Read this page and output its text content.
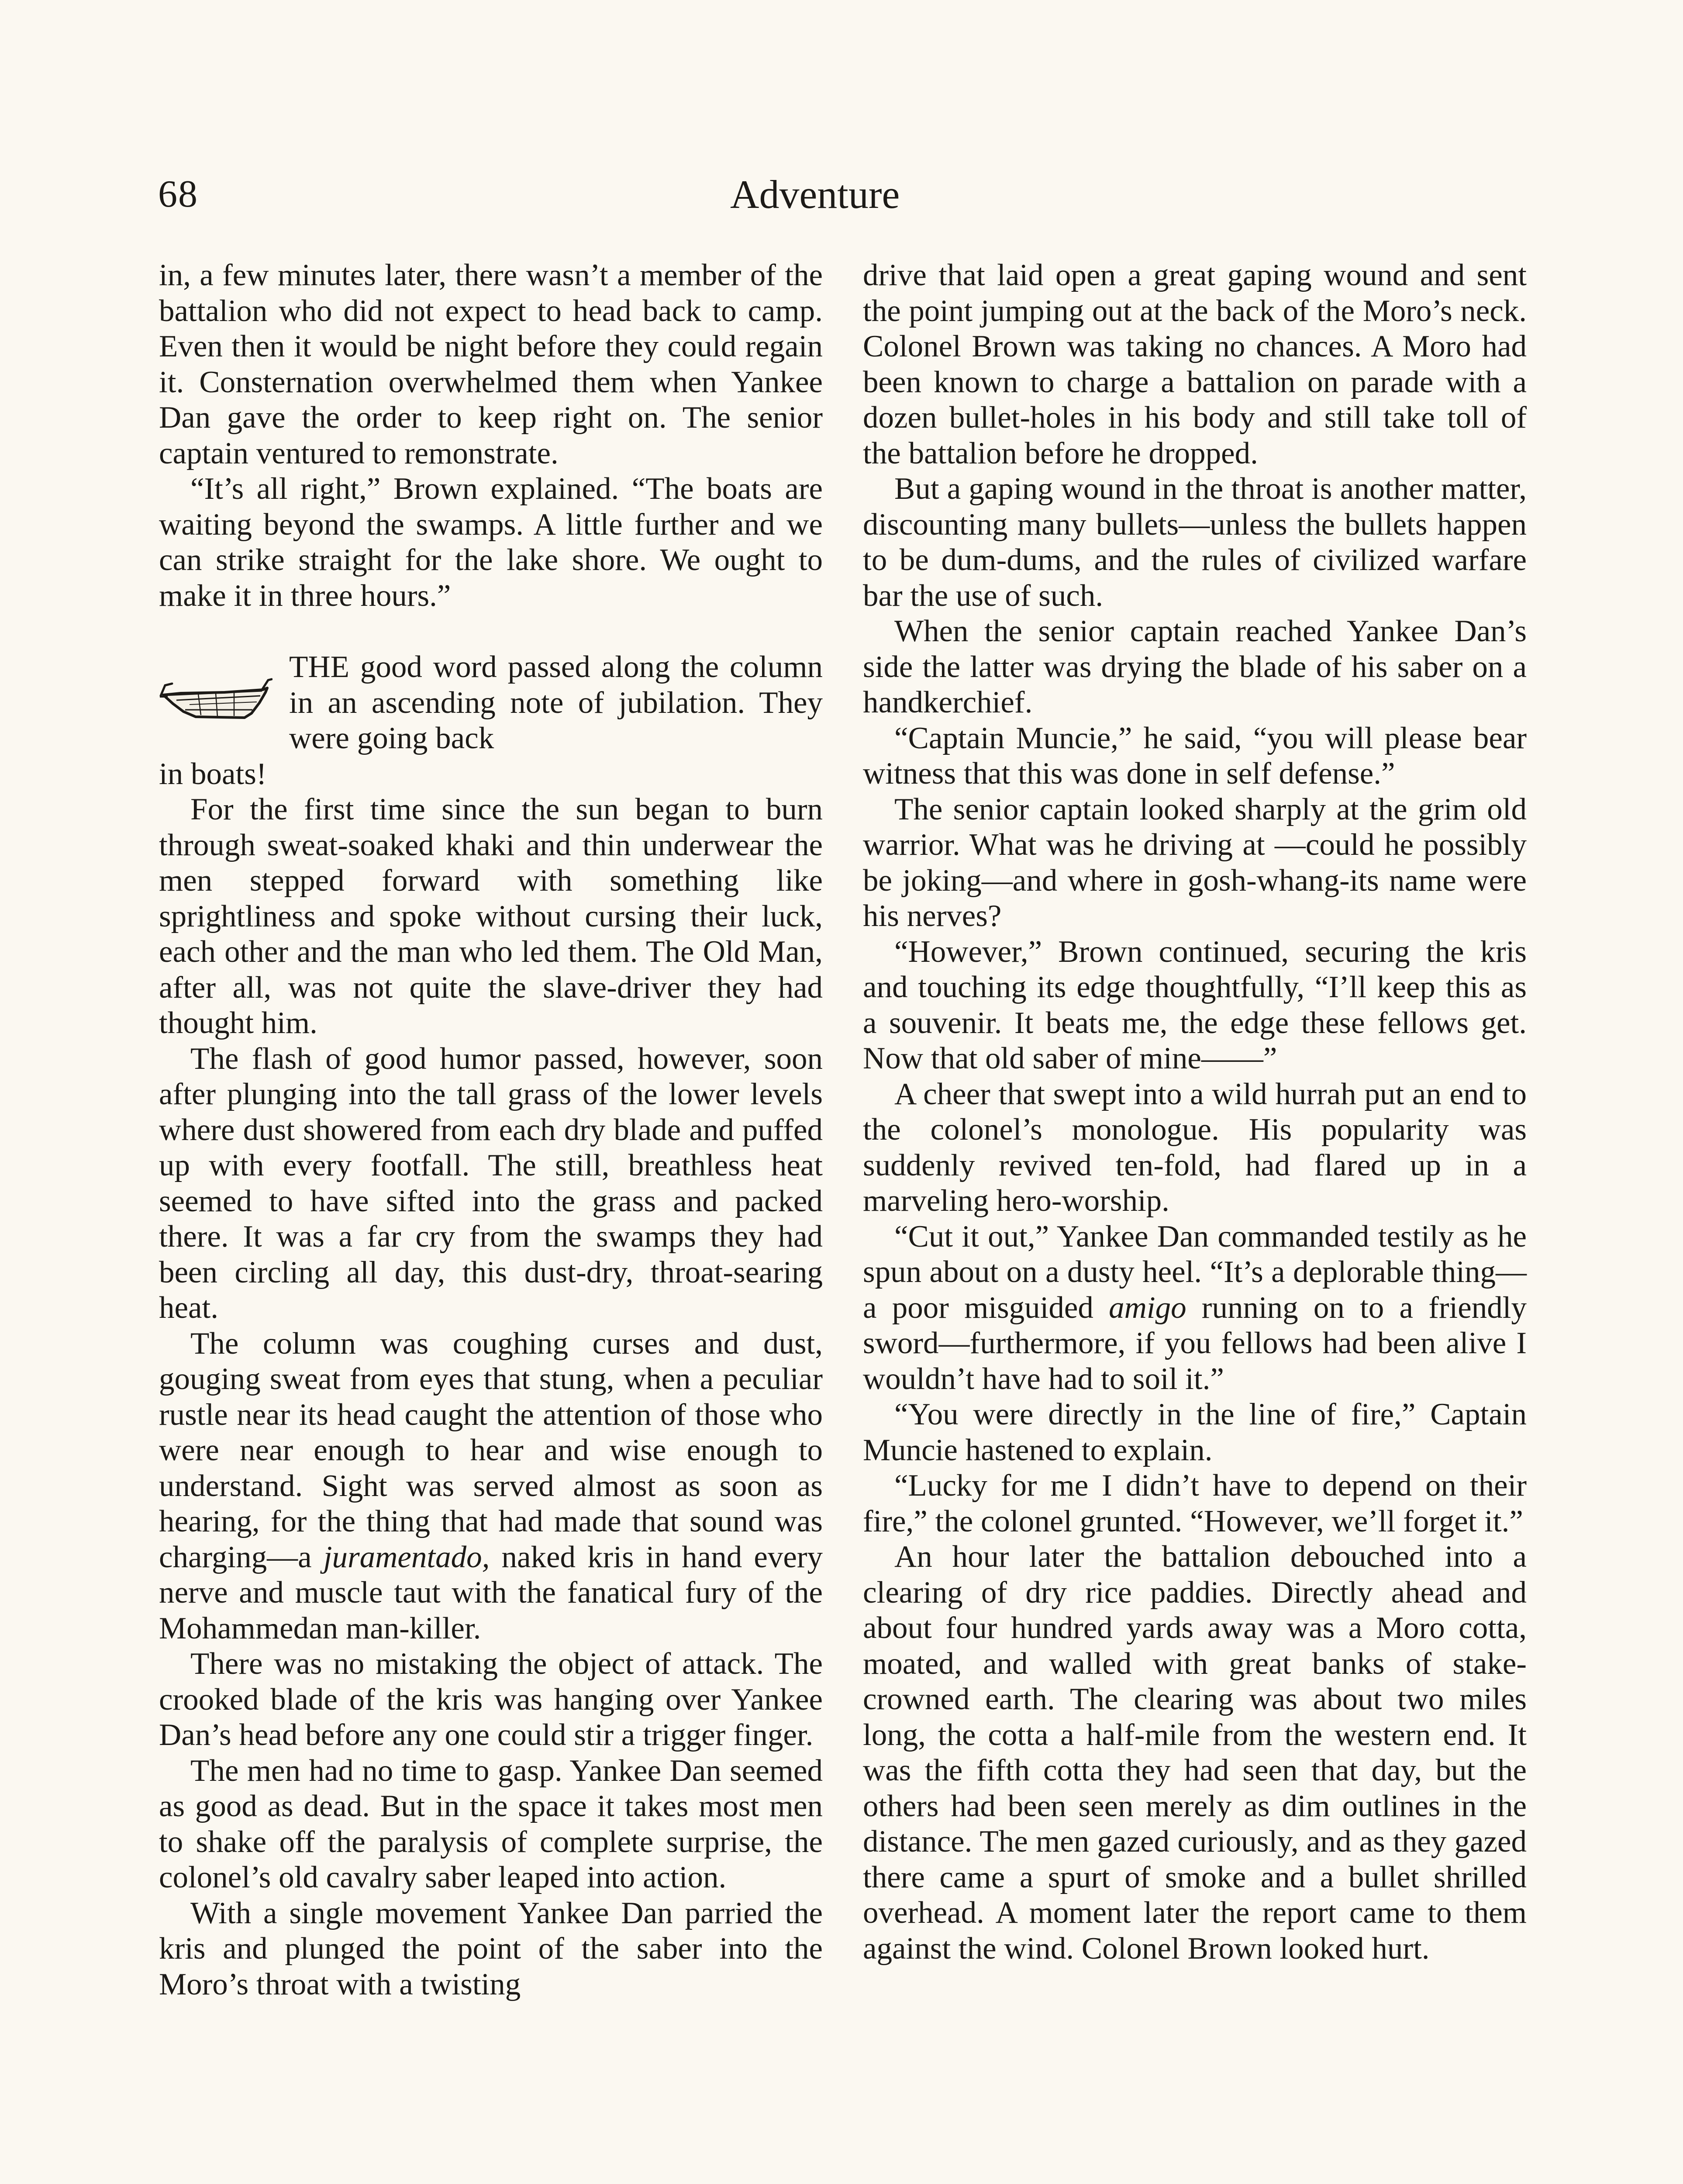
68	Adventure

in, a few minutes later, there wasn’t a member of the battalion who did not expect to head back to camp. Even then it would be night before they could regain it. Consternation overwhelmed them when Yankee Dan gave the order to keep right on. The senior captain ventured to remonstrate.

“It’s all right,” Brown explained. “The boats are waiting beyond the swamps. A little further and we can strike straight for the lake shore. We ought to make it in three hours.”

THE good word passed along the column in an ascending note of jubilation. They were going back

in boats!

For the first time since the sun began to burn through sweat-soaked khaki and thin underwear the men stepped forward with something like sprightliness and spoke without cursing their luck, each other and the man who led them. The Old Man, after all, was not quite the slave-driver they had thought him.

The flash of good humor passed, however, soon after plunging into the tall grass of the lower levels where dust showered from each dry blade and puffed up with every footfall. The still, breathless heat seemed to have sifted into the grass and packed there. It was a far cry from the swamps they had been circling all day, this dust-dry, throat-searing heat.

The column was coughing curses and dust, gouging sweat from eyes that stung, when a peculiar rustle near its head caught the attention of those who were near enough to hear and wise enough to understand. Sight was served almost as soon as hearing, for the thing that had made that sound was charging—a juramentado, naked kris in hand every nerve and muscle taut with the fanatical fury of the Mohammedan man-killer.

There was no mistaking the object of attack. The crooked blade of the kris was hanging over Yankee Dan’s head before any one could stir a trigger finger.

The men had no time to gasp. Yankee Dan seemed as good as dead. But in the space it takes most men to shake off the paralysis of complete surprise, the colonel’s old cavalry saber leaped into action.

With a single movement Yankee Dan parried the kris and plunged the point of the saber into the Moro’s throat with a twisting

drive that laid open a great gaping wound and sent the point jumping out at the back of the Moro’s neck. Colonel Brown was taking no chances. A Moro had been known to charge a battalion on parade with a dozen bullet-holes in his body and still take toll of the battalion before he dropped.

But a gaping wound in the throat is another matter, discounting many bullets—unless the bullets happen to be dum-dums, and the rules of civilized warfare bar the use of such.

When the senior captain reached Yankee Dan’s side the latter was drying the blade of his saber on a handkerchief.

“Captain Muncie,” he said, “you will please bear witness that this was done in self defense.”

The senior captain looked sharply at the grim old warrior. What was he driving at —could he possibly be joking—and where in gosh-whang-its name were his nerves?

“However,” Brown continued, securing the kris and touching its edge thoughtfully, “I’ll keep this as a souvenir. It beats me, the edge these fellows get. Now that old saber of mine——”

A cheer that swept into a wild hurrah put an end to the colonel’s monologue. His popularity was suddenly revived ten-fold, had flared up in a marveling hero-worship.

“Cut it out,” Yankee Dan commanded testily as he spun about on a dusty heel. “It’s a deplorable thing—a poor misguided amigo running on to a friendly sword—furthermore, if you fellows had been alive I wouldn’t have had to soil it.”

“You were directly in the line of fire,” Captain Muncie hastened to explain.

“Lucky for me I didn’t have to depend on their fire,” the colonel grunted. “However, we’ll forget it.”

An hour later the battalion debouched into a clearing of dry rice paddies. Directly ahead and about four hundred yards away was a Moro cotta, moated, and walled with great banks of stake-crowned earth. The clearing was about two miles long, the cotta a half-mile from the western end. It was the fifth cotta they had seen that day, but the others had been seen merely as dim outlines in the distance. The men gazed curiously, and as they gazed there came a spurt of smoke and a bullet shrilled overhead. A moment later the report came to them against the wind. Colonel Brown looked hurt.
